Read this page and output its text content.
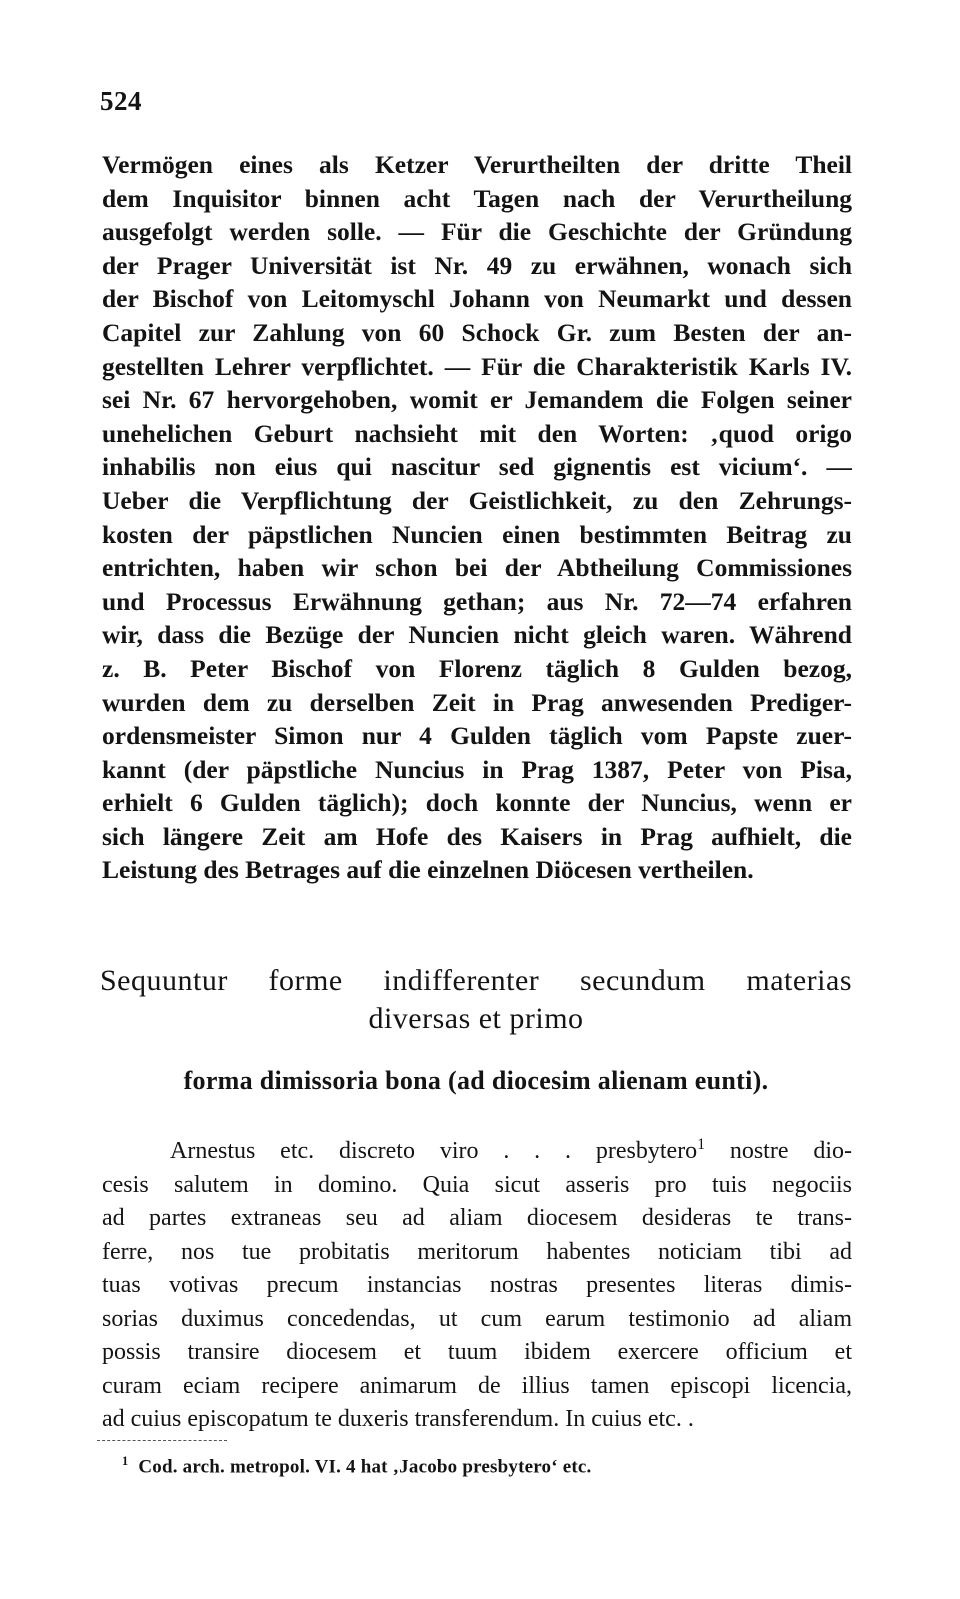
524
Vermögen eines als Ketzer Verurtheilten der dritte Theil
dem Inquisitor binnen acht Tagen nach der Verurtheilung
ausgefolgt werden solle. — Für die Geschichte der Gründung
der Prager Universität ist Nr. 49 zu erwähnen, wonach sich
der Bischof von Leitomyschl Johann von Neumarkt und dessen
Capitel zur Zahlung von 60 Schock Gr. zum Besten der an-
gestellten Lehrer verpflichtet. — Für die Charakteristik Karls IV.
sei Nr. 67 hervorgehoben, womit er Jemandem die Folgen seiner
unehelichen Geburt nachsieht mit den Worten: ‚quod origo
inhabilis non eius qui nascitur sed gignentis est vicium‘. —
Ueber die Verpflichtung der Geistlichkeit, zu den Zehrungs-
kosten der päpstlichen Nuncien einen bestimmten Beitrag zu
entrichten, haben wir schon bei der Abtheilung Commissiones
und Processus Erwähnung gethan; aus Nr. 72—74 erfahren
wir, dass die Bezüge der Nuncien nicht gleich waren. Während
z. B. Peter Bischof von Florenz täglich 8 Gulden bezog,
wurden dem zu derselben Zeit in Prag anwesenden Prediger-
ordensmeister Simon nur 4 Gulden täglich vom Papste zuer-
kannt (der päpstliche Nuncius in Prag 1387, Peter von Pisa,
erhielt 6 Gulden täglich); doch konnte der Nuncius, wenn er
sich längere Zeit am Hofe des Kaisers in Prag aufhielt, die
Leistung des Betrages auf die einzelnen Diöcesen vertheilen.
Sequuntur forme indifferenter secundum materias
diversas et primo
forma dimissoria bona (ad diocesim alienam eunti).
Arnestus etc. discreto viro . . . presbytero$^1$ nostre dio-
cesis salutem in domino. Quia sicut asseris pro tuis negociis
ad partes extraneas seu ad aliam diocesem desideras te trans-
ferre, nos tue probitatis meritorum habentes noticiam tibi ad
tuas votivas precum instancias nostras presentes literas dimis-
sorias duximus concedendas, ut cum earum testimonio ad aliam
possis transire diocesem et tuum ibidem exercere officium et
curam eciam recipere animarum de illius tamen episcopi licencia,
ad cuius episcopatum te duxeris transferendum. In cuius etc. .
$^1$ Cod. arch. metropol. VI. 4 hat ‚Jacobo presbytero‘ etc.
